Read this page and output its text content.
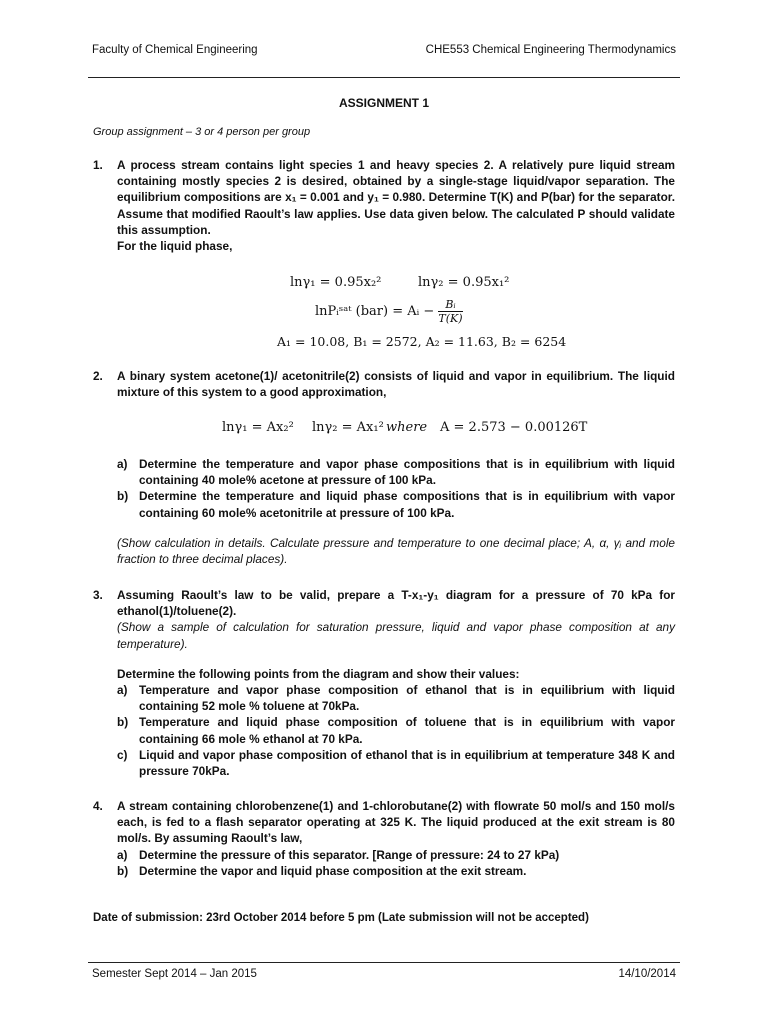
Faculty of Chemical Engineering	CHE553 Chemical Engineering Thermodynamics
ASSIGNMENT 1
Group assignment – 3 or 4 person per group
1. A process stream contains light species 1 and heavy species 2. A relatively pure liquid stream containing mostly species 2 is desired, obtained by a single-stage liquid/vapor separation. The equilibrium compositions are x₁ = 0.001 and y₁ = 0.980. Determine T(K) and P(bar) for the separator. Assume that modified Raoult’s law applies. Use data given below. The calculated P should validate this assumption.
For the liquid phase,
lnγ₁ = 0.95x₂²	lnγ₂ = 0.95x₁²
lnPᵢˢᵃᵗ (bar) = Aᵢ − $\frac{\text{Bᵢ}}{T(K)}$
A₁ = 10.08, B₁ = 2572, A₂ = 11.63, B₂ = 6254
2. A binary system acetone(1)/ acetonitrile(2) consists of liquid and vapor in equilibrium. The liquid mixture of this system to a good approximation,
lnγ₁ = Ax₂² lnγ₂ = Ax₁² where A = 2.573 − 0.00126T
a) Determine the temperature and vapor phase compositions that is in equilibrium with liquid containing 40 mole% acetone at pressure of 100 kPa.
b) Determine the temperature and liquid phase compositions that is in equilibrium with vapor containing 60 mole% acetonitrile at pressure of 100 kPa.
(Show calculation in details. Calculate pressure and temperature to one decimal place; A, α, γᵢ and mole fraction to three decimal places).
3. Assuming Raoult’s law to be valid, prepare a T-x₁-y₁ diagram for a pressure of 70 kPa for ethanol(1)/toluene(2).
(Show a sample of calculation for saturation pressure, liquid and vapor phase composition at any temperature).
Determine the following points from the diagram and show their values:
a) Temperature and vapor phase composition of ethanol that is in equilibrium with liquid containing 52 mole % toluene at 70kPa.
b) Temperature and liquid phase composition of toluene that is in equilibrium with vapor containing 66 mole % ethanol at 70 kPa.
c) Liquid and vapor phase composition of ethanol that is in equilibrium at temperature 348 K and pressure 70kPa.
4. A stream containing chlorobenzene(1) and 1-chlorobutane(2) with flowrate 50 mol/s and 150 mol/s each, is fed to a flash separator operating at 325 K. The liquid produced at the exit stream is 80 mol/s. By assuming Raoult’s law,
a) Determine the pressure of this separator. [Range of pressure: 24 to 27 kPa)
b) Determine the vapor and liquid phase composition at the exit stream.
Date of submission: 23rd October 2014 before 5 pm (Late submission will not be accepted)
Semester Sept 2014 – Jan 2015	14/10/2014
